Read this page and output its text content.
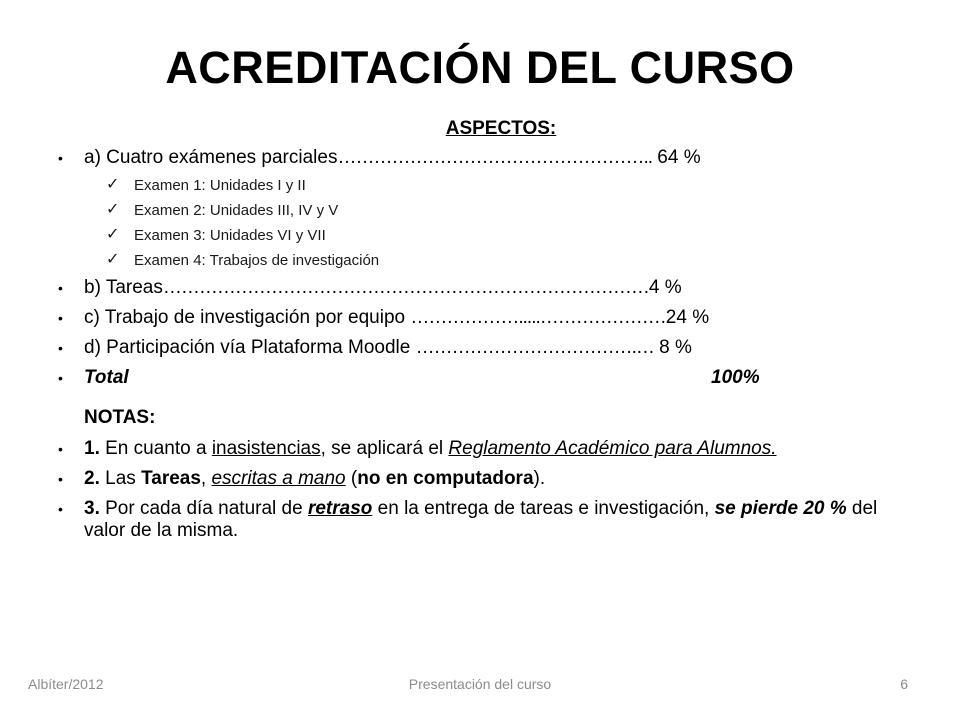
ACREDITACIÓN DEL CURSO
ASPECTOS:
• a) Cuatro exámenes parciales…………………………………………….. 64 %
✓ Examen 1: Unidades I y II
✓ Examen 2: Unidades III, IV y V
✓ Examen 3: Unidades VI y VII
✓ Examen 4: Trabajos de investigación
• b) Tareas………………………………………………………………………4 %
• c) Trabajo de investigación por equipo ……………….....…………………24 %
• d) Participación vía Plataforma Moodle ……………………………….… 8 %
• Total	100%
NOTAS:
• 1. En cuanto a inasistencias, se aplicará el Reglamento Académico para Alumnos.
• 2. Las Tareas, escritas a mano (no en computadora).
• 3. Por cada día natural de retraso en la entrega de tareas e investigación, se pierde 20 % del valor de la misma.
Presentación del curso
Albíter/2012	6
